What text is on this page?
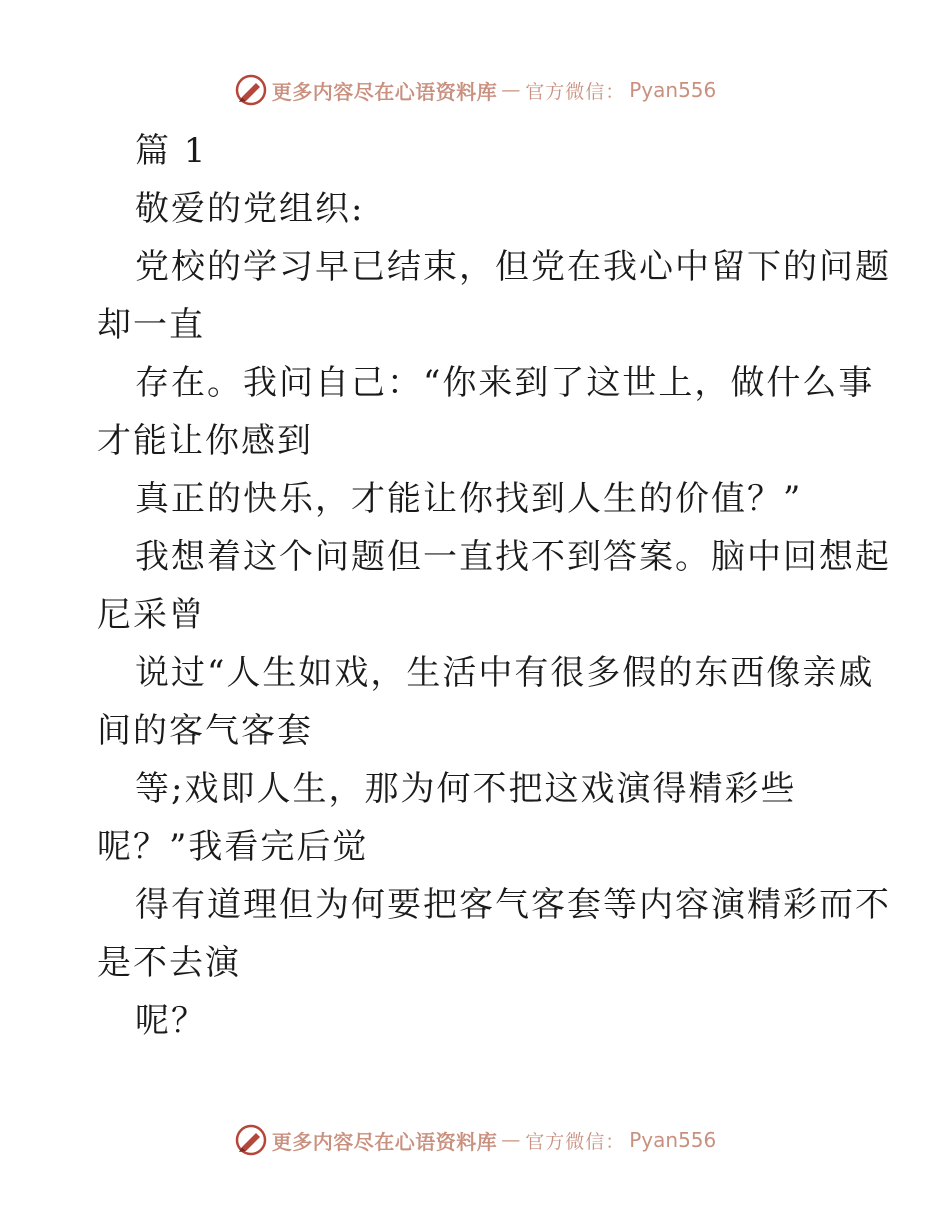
更多内容尽在心语资料库 — 官方微信： Pyan556
篇 1
敬爱的党组织:
党校的学习早已结束，但党在我心中留下的问题
却一直
存在。我问自己：“你来到了这世上，做什么事
才能让你感到
真正的快乐，才能让你找到人生的价值？”
我想着这个问题但一直找不到答案。脑中回想起
尼采曾
说过“人生如戏，生活中有很多假的东西像亲戚
间的客气客套
等;戏即人生，那为何不把这戏演得精彩些
呢？”我看完后觉
得有道理但为何要把客气客套等内容演精彩而不
是不去演
呢？
更多内容尽在心语资料库 — 官方微信： Pyan556
